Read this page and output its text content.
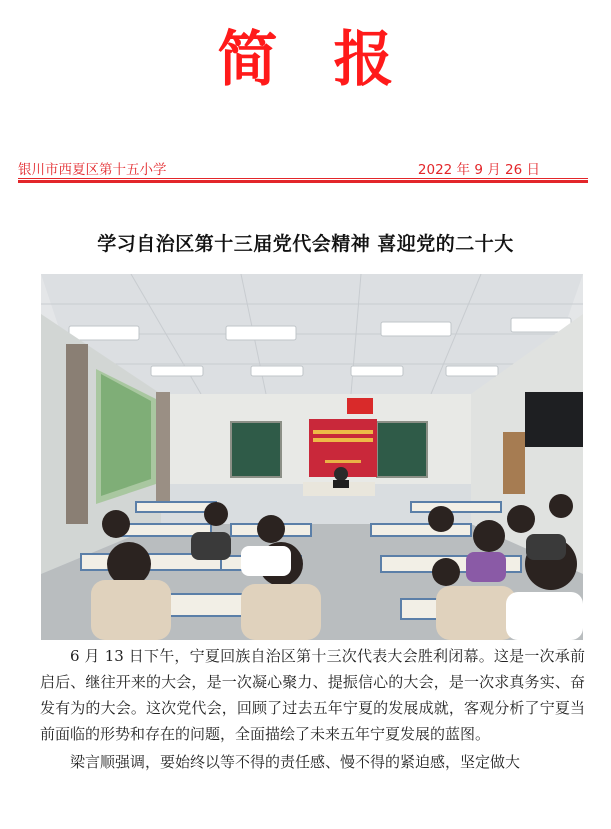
简报
银川市西夏区第十五小学	2022 年 9 月 26 日
学习自治区第十三届党代会精神 喜迎党的二十大

6 月 13 日下午，宁夏回族自治区第十三次代表大会胜利闭幕。这是一次承前启后、继往开来的大会，是一次凝心聚力、提振信心的大会，是一次求真务实、奋发有为的大会。这次党代会，回顾了过去五年宁夏的发展成就，客观分析了宁夏当前面临的形势和存在的问题，全面描绘了未来五年宁夏发展的蓝图。

梁言顺强调，要始终以等不得的责任感、慢不得的紧迫感，坚定做大
